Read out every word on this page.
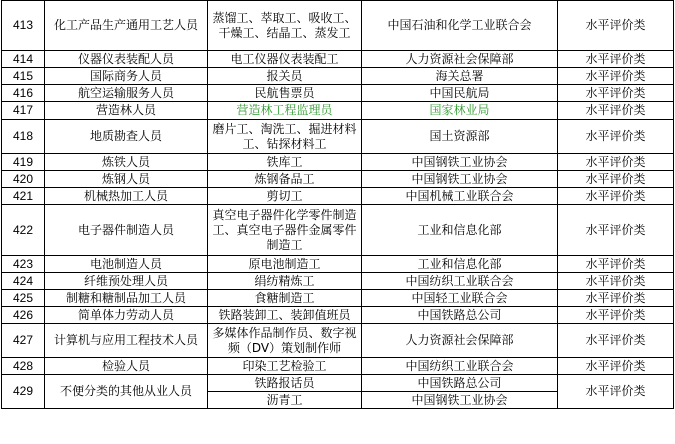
413	化工产品生产通用工艺人员	蒸馏工、萃取工、吸收工、干燥工、结晶工、蒸发工	中国石油和化学工业联合会	水平评价类
414	仪器仪表装配人员	电工仪器仪表装配工	人力资源社会保障部	水平评价类
415	国际商务人员	报关员	海关总署	水平评价类
416	航空运输服务人员	民航售票员	中国民航局	水平评价类
417	营造林人员	营造林工程监理员	国家林业局	水平评价类
418	地质勘查人员	磨片工、淘洗工、掘进材料工、钻探材料工	国土资源部	水平评价类
419	炼铁人员	铁库工	中国钢铁工业协会	水平评价类
420	炼钢人员	炼钢备品工	中国钢铁工业协会	水平评价类
421	机械热加工人员	剪切工	中国机械工业联合会	水平评价类
422	电子器件制造人员	真空电子器件化学零件制造工、真空电子器件金属零件制造工	工业和信息化部	水平评价类
423	电池制造人员	原电池制造工	工业和信息化部	水平评价类
424	纤维预处理人员	绢纺精炼工	中国纺织工业联合会	水平评价类
425	制糖和糖制品加工人员	食糖制造工	中国轻工业联合会	水平评价类
426	简单体力劳动人员	铁路装卸工、装卸值班员	中国铁路总公司	水平评价类
427	计算机与应用工程技术人员	多媒体作品制作员、数字视频（DV）策划制作师	人力资源社会保障部	水平评价类
428	检验人员	印染工艺检验工	中国纺织工业联合会	水平评价类
429	不便分类的其他从业人员	铁路报话员	中国铁路总公司	水平评价类
		沥青工	中国钢铁工业协会	
